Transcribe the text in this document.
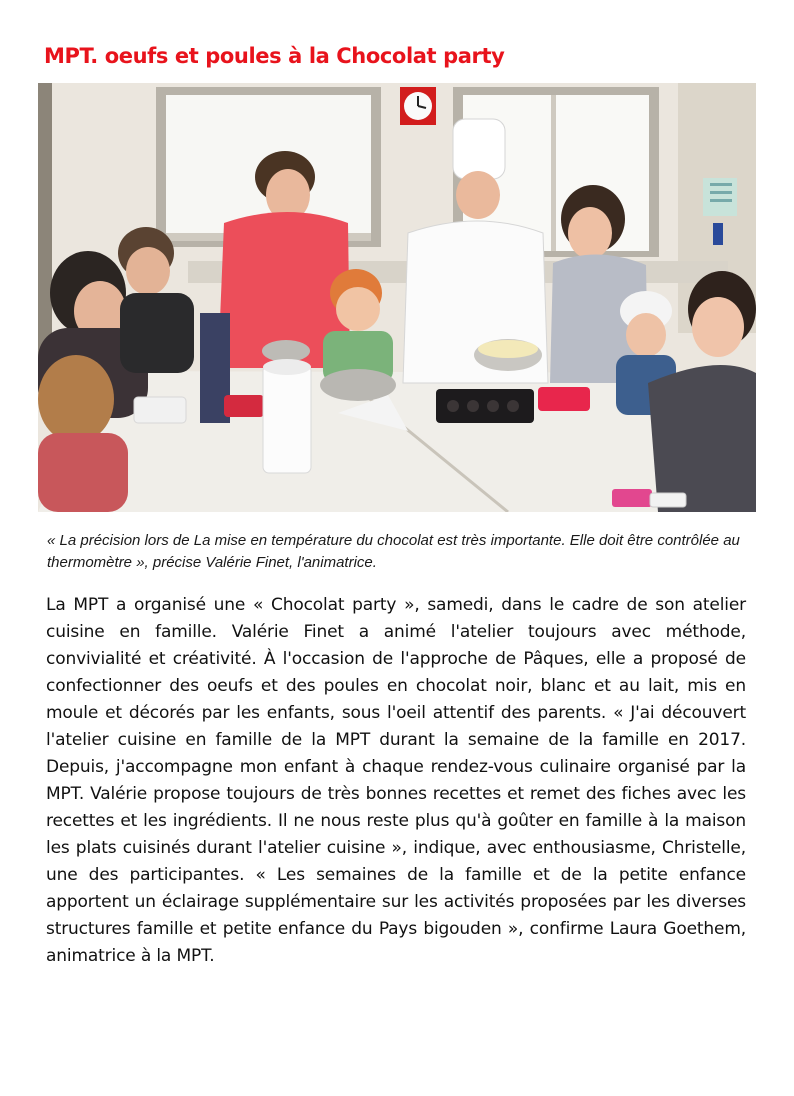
MPT. oeufs et poules à la Chocolat party

« La précision lors de La mise en température du chocolat est très importante. Elle doit être contrôlée au thermomètre », précise Valérie Finet, l'animatrice.

La MPT a organisé une « Chocolat party », samedi, dans le cadre de son atelier cuisine en famille. Valérie Finet a animé l'atelier toujours avec méthode, convivialité et créativité. À l'occasion de l'approche de Pâques, elle a proposé de confectionner des oeufs et des poules en chocolat noir, blanc et au lait, mis en moule et décorés par les enfants, sous l'oeil attentif des parents. « J'ai découvert l'atelier cuisine en famille de la MPT durant la semaine de la famille en 2017. Depuis, j'accompagne mon enfant à chaque rendez-vous culinaire organisé par la MPT. Valérie propose toujours de très bonnes recettes et remet des fiches avec les recettes et les ingrédients. Il ne nous reste plus qu'à goûter en famille à la maison les plats cuisinés durant l'atelier cuisine », indique, avec enthousiasme, Christelle, une des participantes. « Les semaines de la famille et de la petite enfance apportent un éclairage supplémentaire sur les activités proposées par les diverses structures famille et petite enfance du Pays bigouden », confirme Laura Goethem, animatrice à la MPT.
